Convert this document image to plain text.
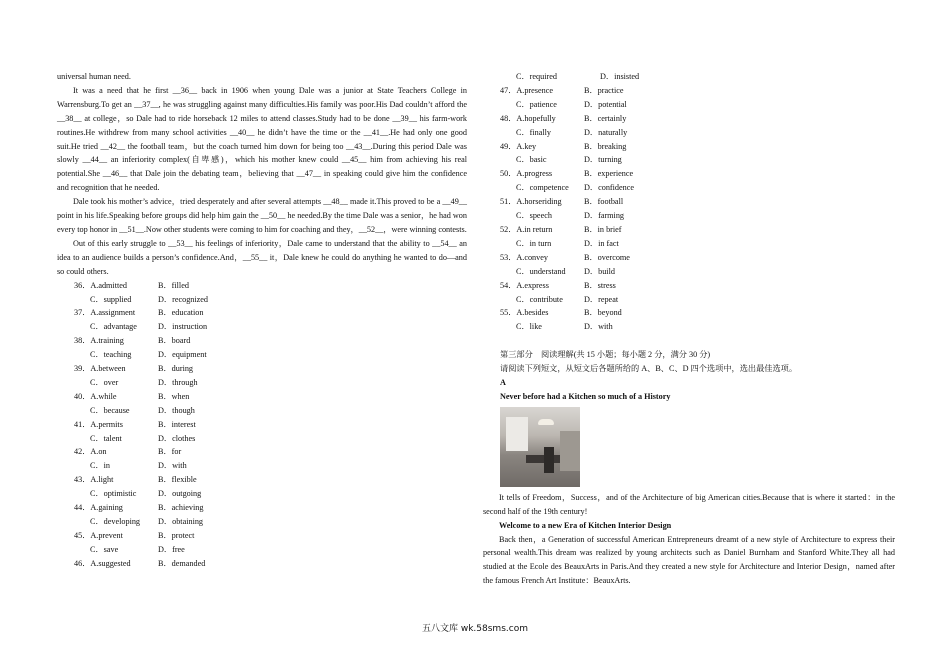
universal human need.

It was a need that he first __36__ back in 1906 when young Dale was a junior at State Teachers College in Warrensburg.To get an __37__, he was struggling against many difficulties.His family was poor.His Dad couldn’t afford the __38__ at college，so Dale had to ride horseback 12 miles to attend classes.Study had to be done __39__ his farm-work routines.He withdrew from many school activities __40__ he didn’t have the time or the __41__.He had only one good suit.He tried __42__ the football team，but the coach turned him down for being too __43__.During this period Dale was slowly __44__ an inferiority complex(自卑感)，which his mother knew could __45__ him from achieving his real potential.She __46__ that Dale join the debating team，believing that __47__ in speaking could give him the confidence and recognition that he needed.

Dale took his mother’s advice，tried desperately and after several attempts __48__ made it.This proved to be a __49__ point in his life.Speaking before groups did help him gain the __50__ he needed.By the time Dale was a senior，he had won every top honor in __51__.Now other students were coming to him for coaching and they，__52__，were winning contests.

Out of this early struggle to __53__ his feelings of inferiority，Dale came to understand that the ability to __54__ an idea to an audience builds a person’s confidence.And，__55__ it，Dale knew he could do anything he wanted to do—and so could others.

36．A.admitted	B．filled
C．supplied	D．recognized
37．A.assignment	B．education
C．advantage	D．instruction
38．A.training	B．board
C．teaching	D．equipment
39．A.between	B．during
C．over	D．through
40．A.while	B．when
C．because	D．though
41．A.permits	B．interest
C．talent	D．clothes
42．A.on	B．for
C．in	D．with
43．A.light	B．flexible
C．optimistic	D．outgoing
44．A.gaining	B．achieving
C．developing	D．obtaining
45．A.prevent	B．protect
C．save	D．free
46．A.suggested	B．demanded
C．required	D．insisted
47．A.presence	B．practice
C．patience	D．potential
48．A.hopefully	B．certainly
C．finally	D．naturally
49．A.key	B．breaking
C．basic	D．turning
50．A.progress	B．experience
C．competence	D．confidence
51．A.horseriding	B．football
C．speech	D．farming
52．A.in return	B．in brief
C．in turn	D．in fact
53．A.convey	B．overcome
C．understand	D．build
54．A.express	B．stress
C．contribute	D．repeat
55．A.besides	B．beyond
C．like	D．with

第三部分　阅读理解(共 15 小题；每小题 2 分，满分 30 分)

请阅读下列短文，从短文后各题所给的 A、B、C、D 四个选项中，选出最佳选项。

A

Never before had a Kitchen so much of a History

It tells of Freedom，Success，and of the Architecture of big American cities.Because that is where it started：in the second half of the 19th century!

Welcome to a new Era of Kitchen Interior Design

Back then，a Generation of successful American Entrepreneurs dreamt of a new style of Architecture to express their personal wealth.This dream was realized by young architects such as Daniel Burnham and Stanford White.They all had studied at the Ecole des BeauxArts in Paris.And they created a new style for Architecture and Interior Design，named after the famous French Art Institute：BeauxArts.

五八文库 wk.58sms.com
